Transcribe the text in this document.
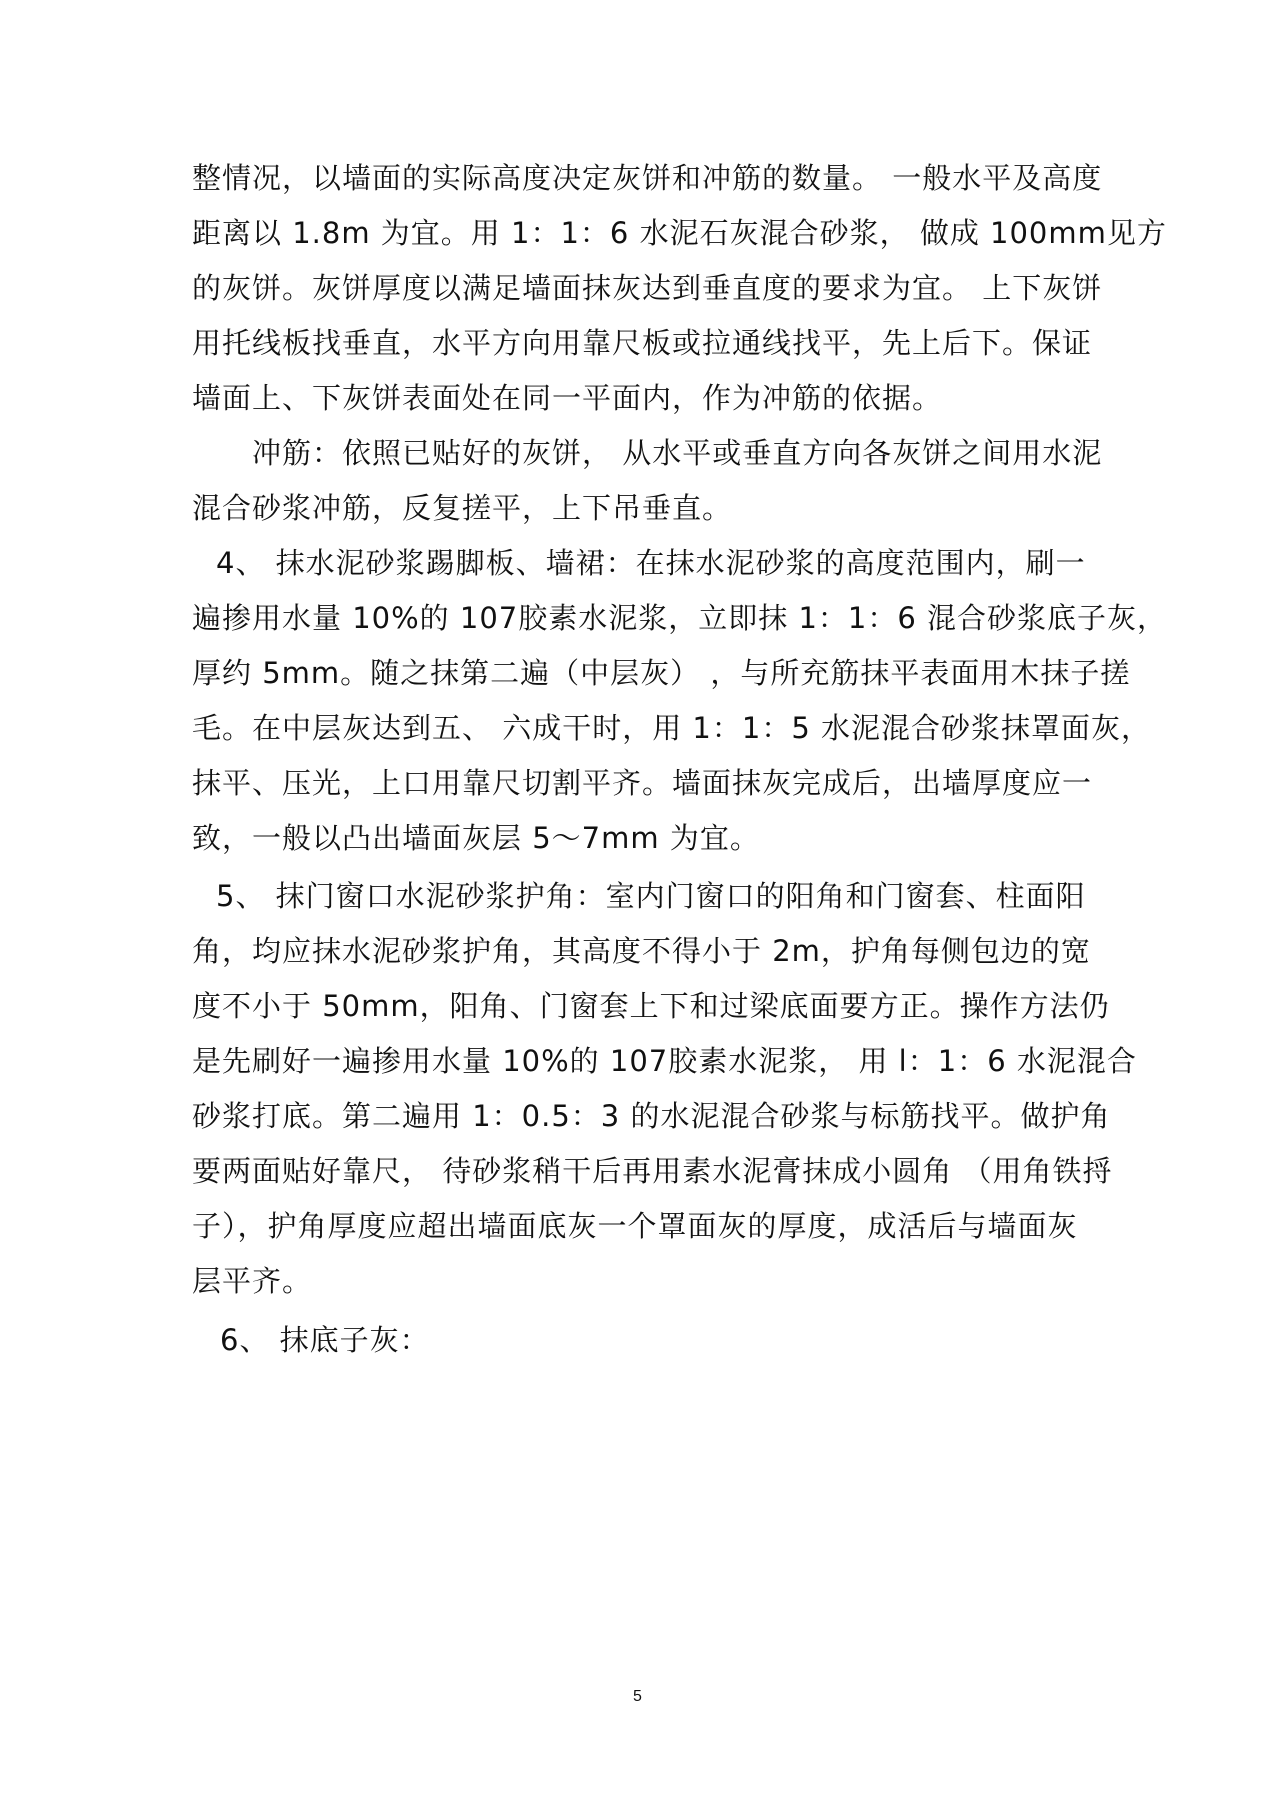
整情况，以墙面的实际高度决定灰饼和冲筋的数量。 一般水平及高度
距离以 1.8m 为宜。用 1：1：6 水泥石灰混合砂浆， 做成 100mm见方
的灰饼。灰饼厚度以满足墙面抹灰达到垂直度的要求为宜。 上下灰饼
用托线板找垂直，水平方向用靠尺板或拉通线找平，先上后下。保证
墙面上、下灰饼表面处在同一平面内，作为冲筋的依据。
冲筋：依照已贴好的灰饼， 从水平或垂直方向各灰饼之间用水泥
混合砂浆冲筋，反复搓平，上下吊垂直。
4、 抹水泥砂浆踢脚板、墙裙：在抹水泥砂浆的高度范围内，刷一
遍掺用水量 10%的 107胶素水泥浆，立即抹 1：1：6 混合砂浆底子灰，
厚约 5mm。随之抹第二遍（中层灰） ，与所充筋抹平表面用木抹子搓
毛。在中层灰达到五、 六成干时，用 1：1：5 水泥混合砂浆抹罩面灰，
抹平、压光，上口用靠尺切割平齐。墙面抹灰完成后，出墙厚度应一
致，一般以凸出墙面灰层 5～7mm 为宜。
5、 抹门窗口水泥砂浆护角：室内门窗口的阳角和门窗套、柱面阳
角，均应抹水泥砂浆护角，其高度不得小于 2m，护角每侧包边的宽
度不小于 50mm，阳角、门窗套上下和过梁底面要方正。操作方法仍
是先刷好一遍掺用水量 10%的 107胶素水泥浆， 用 l：1：6 水泥混合
砂浆打底。第二遍用 1：0.5：3 的水泥混合砂浆与标筋找平。做护角
要两面贴好靠尺， 待砂浆稍干后再用素水泥膏抹成小圆角 （用角铁捋
子），护角厚度应超出墙面底灰一个罩面灰的厚度，成活后与墙面灰
层平齐。
6、 抹底子灰：
5
